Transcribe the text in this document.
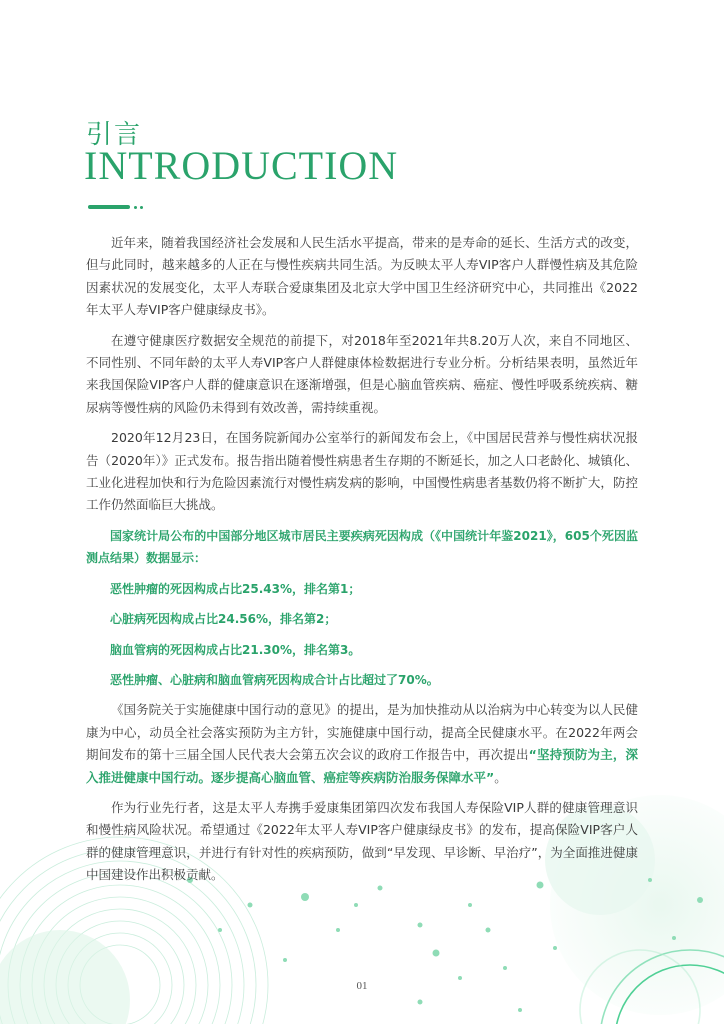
引言
INTRODUCTION

近年来，随着我国经济社会发展和人民生活水平提高，带来的是寿命的延长、生活方式的改变，但与此同时，越来越多的人正在与慢性疾病共同生活。为反映太平人寿VIP客户人群慢性病及其危险因素状况的发展变化，太平人寿联合爱康集团及北京大学中国卫生经济研究中心，共同推出《2022年太平人寿VIP客户健康绿皮书》。

在遵守健康医疗数据安全规范的前提下，对2018年至2021年共8.20万人次，来自不同地区、不同性别、不同年龄的太平人寿VIP客户人群健康体检数据进行专业分析。分析结果表明，虽然近年来我国保险VIP客户人群的健康意识在逐渐增强，但是心脑血管疾病、癌症、慢性呼吸系统疾病、糖尿病等慢性病的风险仍未得到有效改善，需持续重视。

2020年12月23日，在国务院新闻办公室举行的新闻发布会上，《中国居民营养与慢性病状况报告（2020年）》正式发布。报告指出随着慢性病患者生存期的不断延长，加之人口老龄化、城镇化、工业化进程加快和行为危险因素流行对慢性病发病的影响，中国慢性病患者基数仍将不断扩大，防控工作仍然面临巨大挑战。

国家统计局公布的中国部分地区城市居民主要疾病死因构成（《中国统计年鉴2021》，605个死因监测点结果）数据显示：

恶性肿瘤的死因构成占比25.43%，排名第1；

心脏病死因构成占比24.56%，排名第2；

脑血管病的死因构成占比21.30%，排名第3。

恶性肿瘤、心脏病和脑血管病死因构成合计占比超过了70%。

《国务院关于实施健康中国行动的意见》的提出，是为加快推动从以治病为中心转变为以人民健康为中心，动员全社会落实预防为主方针，实施健康中国行动，提高全民健康水平。在2022年两会期间发布的第十三届全国人民代表大会第五次会议的政府工作报告中，再次提出“坚持预防为主，深入推进健康中国行动。逐步提高心脑血管、癌症等疾病防治服务保障水平”。

作为行业先行者，这是太平人寿携手爱康集团第四次发布我国人寿保险VIP人群的健康管理意识和慢性病风险状况。希望通过《2022年太平人寿VIP客户健康绿皮书》的发布，提高保险VIP客户人群的健康管理意识，并进行有针对性的疾病预防，做到“早发现、早诊断、早治疗”，为全面推进健康中国建设作出积极贡献。

01
